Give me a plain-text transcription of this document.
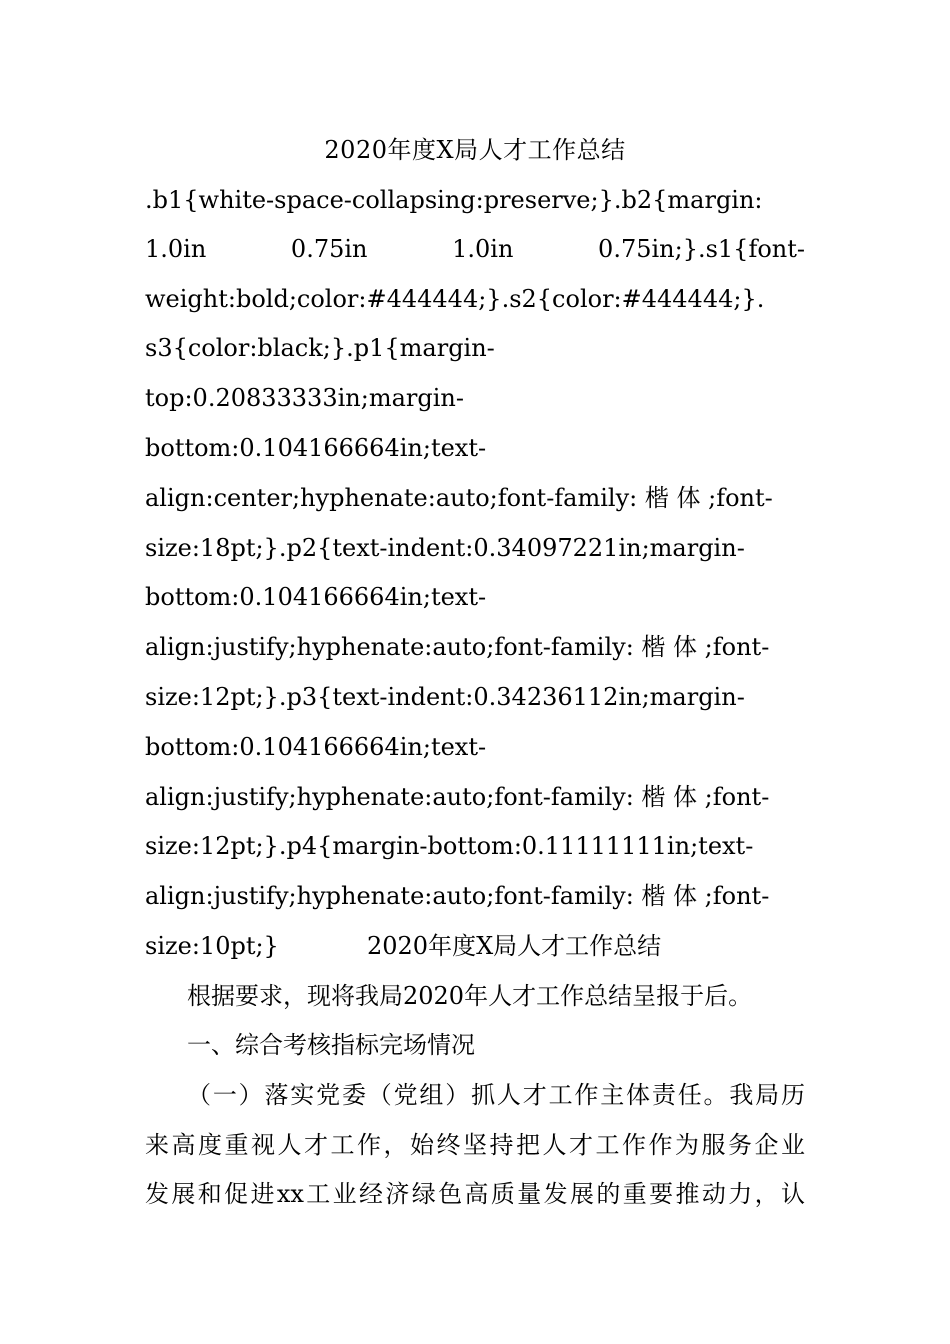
2020年度X局人才工作总结
.b1{white-space-collapsing:preserve;}.b2{margin:
1.0in 0.75in 1.0in 0.75in;}.s1{font-
weight:bold;color:#444444;}.s2{color:#444444;}.
s3{color:black;}.p1{margin-
top:0.20833333in;margin-
bottom:0.104166664in;text-
align:center;hyphenate:auto;font-family: 楷 体 ;font-
size:18pt;}.p2{text-indent:0.34097221in;margin-
bottom:0.104166664in;text-
align:justify;hyphenate:auto;font-family: 楷 体 ;font-
size:12pt;}.p3{text-indent:0.34236112in;margin-
bottom:0.104166664in;text-
align:justify;hyphenate:auto;font-family: 楷 体 ;font-
size:12pt;}.p4{margin-bottom:0.11111111in;text-
align:justify;hyphenate:auto;font-family: 楷 体 ;font-
size:10pt;}	2020年度X局人才工作总结
根据要求，现将我局2020年人才工作总结呈报于后。
一、综合考核指标完场情况
（一）落实党委（党组）抓人才工作主体责任。我局历
来高度重视人才工作，始终坚持把人才工作作为服务企业
发展和促进xx工业经济绿色高质量发展的重要推动力，认
